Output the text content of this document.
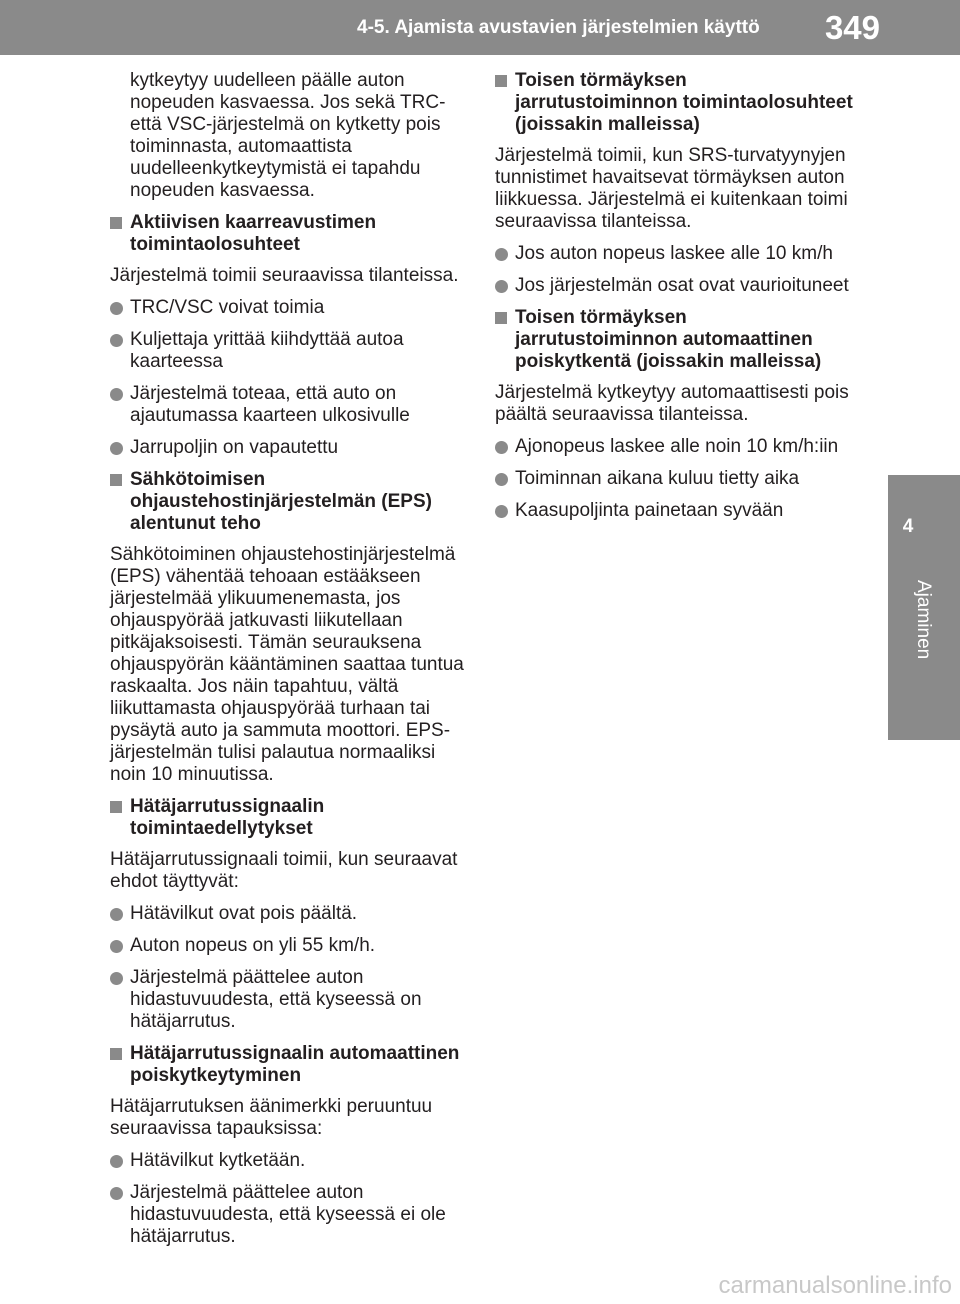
4-5. Ajamista avustavien järjestelmien käyttö 349
4
Ajaminen

kytkeytyy uudelleen päälle auton nopeuden kasvaessa. Jos sekä TRC- että VSC-järjestelmä on kytketty pois toiminnasta, automaattista uudelleenkytkeytymistä ei tapahdu nopeuden kasvaessa.

Aktiivisen kaarreavustimen toimintaolosuhteet

Järjestelmä toimii seuraavissa tilanteissa.

TRC/VSC voivat toimia

Kuljettaja yrittää kiihdyttää autoa kaarteessa

Järjestelmä toteaa, että auto on ajautumassa kaarteen ulkosivulle

Jarrupoljin on vapautettu

Sähkötoimisen ohjaustehostinjärjestelmän (EPS) alentunut teho

Sähkötoiminen ohjaustehostinjärjestelmä (EPS) vähentää tehoaan estääkseen järjestelmää ylikuumenemasta, jos ohjauspyörää jatkuvasti liikutellaan pitkäjaksoisesti. Tämän seurauksena ohjauspyörän kääntäminen saattaa tuntua raskaalta. Jos näin tapahtuu, vältä liikuttamasta ohjauspyörää turhaan tai pysäytä auto ja sammuta moottori. EPS-järjestelmän tulisi palautua normaaliksi noin 10 minuutissa.

Hätäjarrutussignaalin toimintaedellytykset

Hätäjarrutussignaali toimii, kun seuraavat ehdot täyttyvät:

Hätävilkut ovat pois päältä.

Auton nopeus on yli 55 km/h.

Järjestelmä päättelee auton hidastuvuudesta, että kyseessä on hätäjarrutus.

Hätäjarrutussignaalin automaattinen poiskytkeytyminen

Hätäjarrutuksen äänimerkki peruuntuu seuraavissa tapauksissa:

Hätävilkut kytketään.

Järjestelmä päättelee auton hidastuvuudesta, että kyseessä ei ole hätäjarrutus.

Toisen törmäyksen jarrutustoiminnon toimintaolosuhteet (joissakin malleissa)

Järjestelmä toimii, kun SRS-turvatyynyjen tunnistimet havaitsevat törmäyksen auton liikkuessa. Järjestelmä ei kuitenkaan toimi seuraavissa tilanteissa.

Jos auton nopeus laskee alle 10 km/h

Jos järjestelmän osat ovat vaurioituneet

Toisen törmäyksen jarrutustoiminnon automaattinen poiskytkentä (joissakin malleissa)

Järjestelmä kytkeytyy automaattisesti pois päältä seuraavissa tilanteissa.

Ajonopeus laskee alle noin 10 km/h:iin

Toiminnan aikana kuluu tietty aika

Kaasupoljinta painetaan syvään

carmanualsonline.info
